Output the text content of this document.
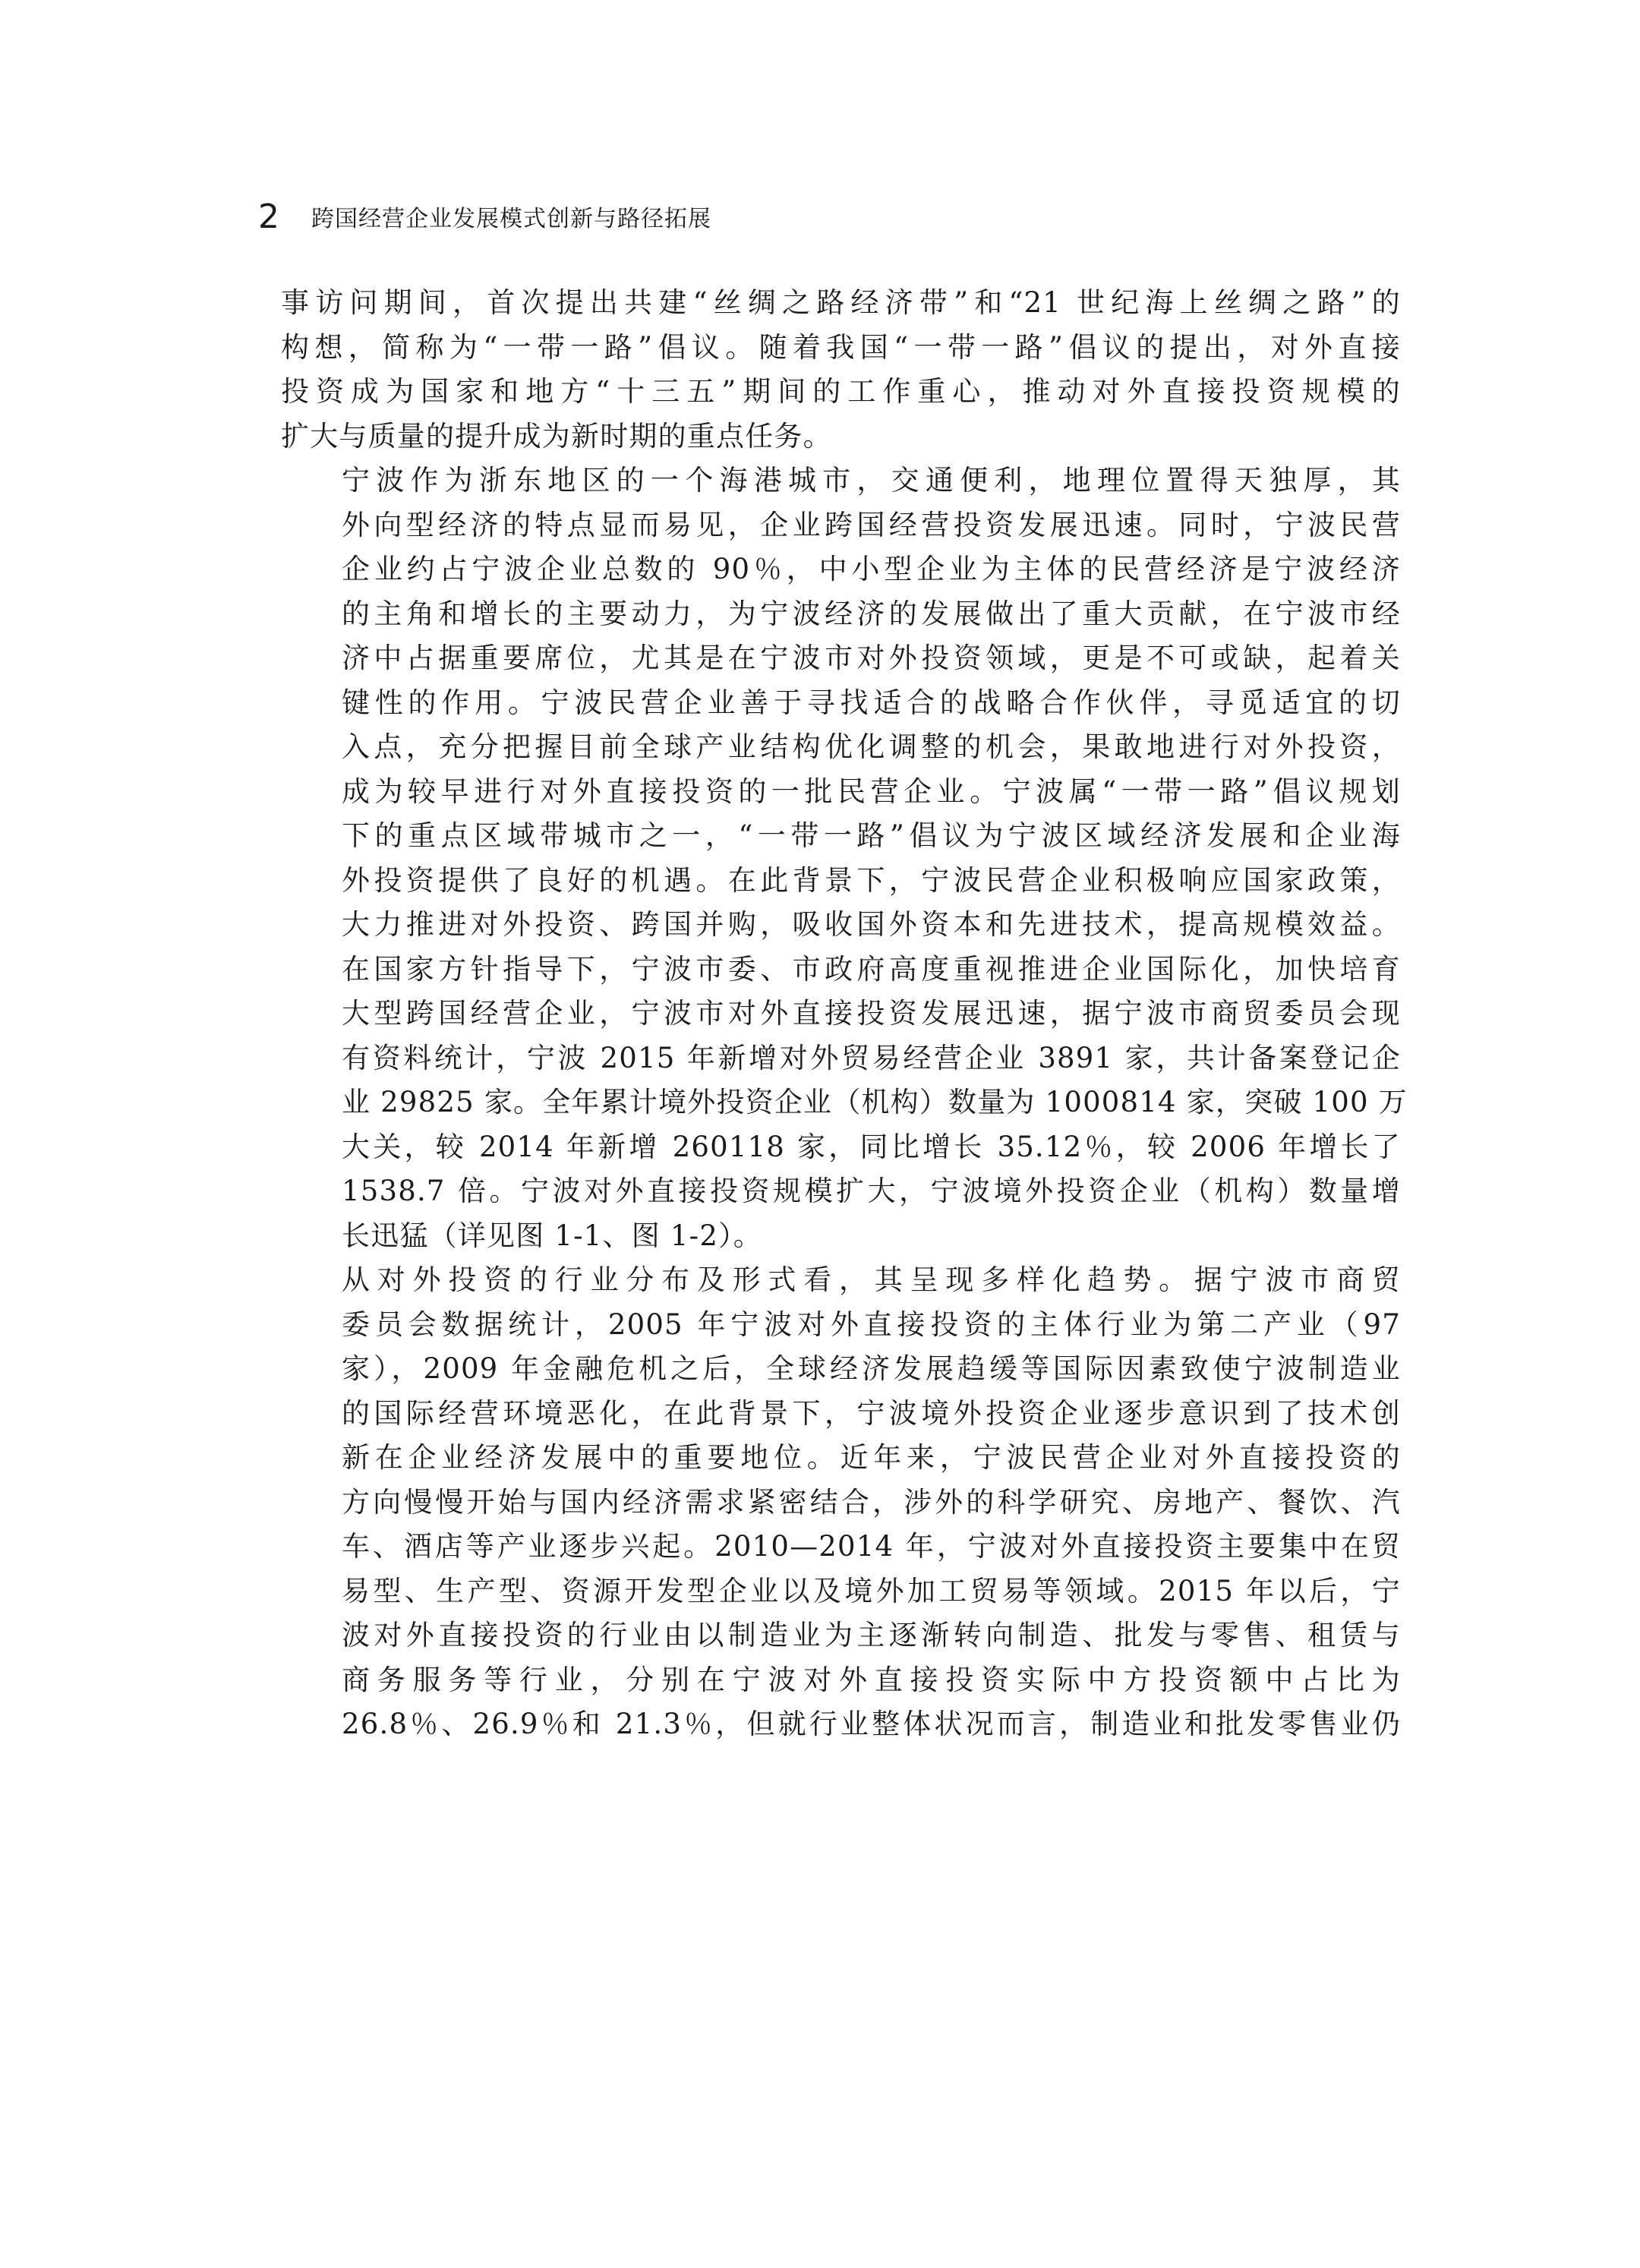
2 跨国经营企业发展模式创新与路径拓展

事访问期间，首次提出共建“丝绸之路经济带”和“21 世纪海上丝绸之路”的
构想，简称为“一带一路”倡议。随着我国“一带一路”倡议的提出，对外直接
投资成为国家和地方“十三五”期间的工作重心，推动对外直接投资规模的
扩大与质量的提升成为新时期的重点任务。

宁波作为浙东地区的一个海港城市，交通便利，地理位置得天独厚，其
外向型经济的特点显而易见，企业跨国经营投资发展迅速。同时，宁波民营
企业约占宁波企业总数的 90％，中小型企业为主体的民营经济是宁波经济
的主角和增长的主要动力，为宁波经济的发展做出了重大贡献，在宁波市经
济中占据重要席位，尤其是在宁波市对外投资领域，更是不可或缺，起着关
键性的作用。宁波民营企业善于寻找适合的战略合作伙伴，寻觅适宜的切
入点，充分把握目前全球产业结构优化调整的机会，果敢地进行对外投资，
成为较早进行对外直接投资的一批民营企业。宁波属“一带一路”倡议规划
下的重点区域带城市之一，“一带一路”倡议为宁波区域经济发展和企业海
外投资提供了良好的机遇。在此背景下，宁波民营企业积极响应国家政策，
大力推进对外投资、跨国并购，吸收国外资本和先进技术，提高规模效益。
在国家方针指导下，宁波市委、市政府高度重视推进企业国际化，加快培育
大型跨国经营企业，宁波市对外直接投资发展迅速，据宁波市商贸委员会现
有资料统计，宁波 2015 年新增对外贸易经营企业 3891 家，共计备案登记企
业 29825 家。全年累计境外投资企业（机构）数量为 1000814 家，突破 100 万
大关，较 2014 年新增 260118 家，同比增长 35.12％，较 2006 年增长了
1538.7 倍。宁波对外直接投资规模扩大，宁波境外投资企业（机构）数量增
长迅猛（详见图 1-1、图 1-2）。

从对外投资的行业分布及形式看，其呈现多样化趋势。据宁波市商贸
委员会数据统计，2005 年宁波对外直接投资的主体行业为第二产业（97
家），2009 年金融危机之后，全球经济发展趋缓等国际因素致使宁波制造业
的国际经营环境恶化，在此背景下，宁波境外投资企业逐步意识到了技术创
新在企业经济发展中的重要地位。近年来，宁波民营企业对外直接投资的
方向慢慢开始与国内经济需求紧密结合，涉外的科学研究、房地产、餐饮、汽
车、酒店等产业逐步兴起。2010—2014 年，宁波对外直接投资主要集中在贸
易型、生产型、资源开发型企业以及境外加工贸易等领域。2015 年以后，宁
波对外直接投资的行业由以制造业为主逐渐转向制造、批发与零售、租赁与
商务服务等行业，分别在宁波对外直接投资实际中方投资额中占比为
26.8％、26.9％和 21.3％，但就行业整体状况而言，制造业和批发零售业仍
